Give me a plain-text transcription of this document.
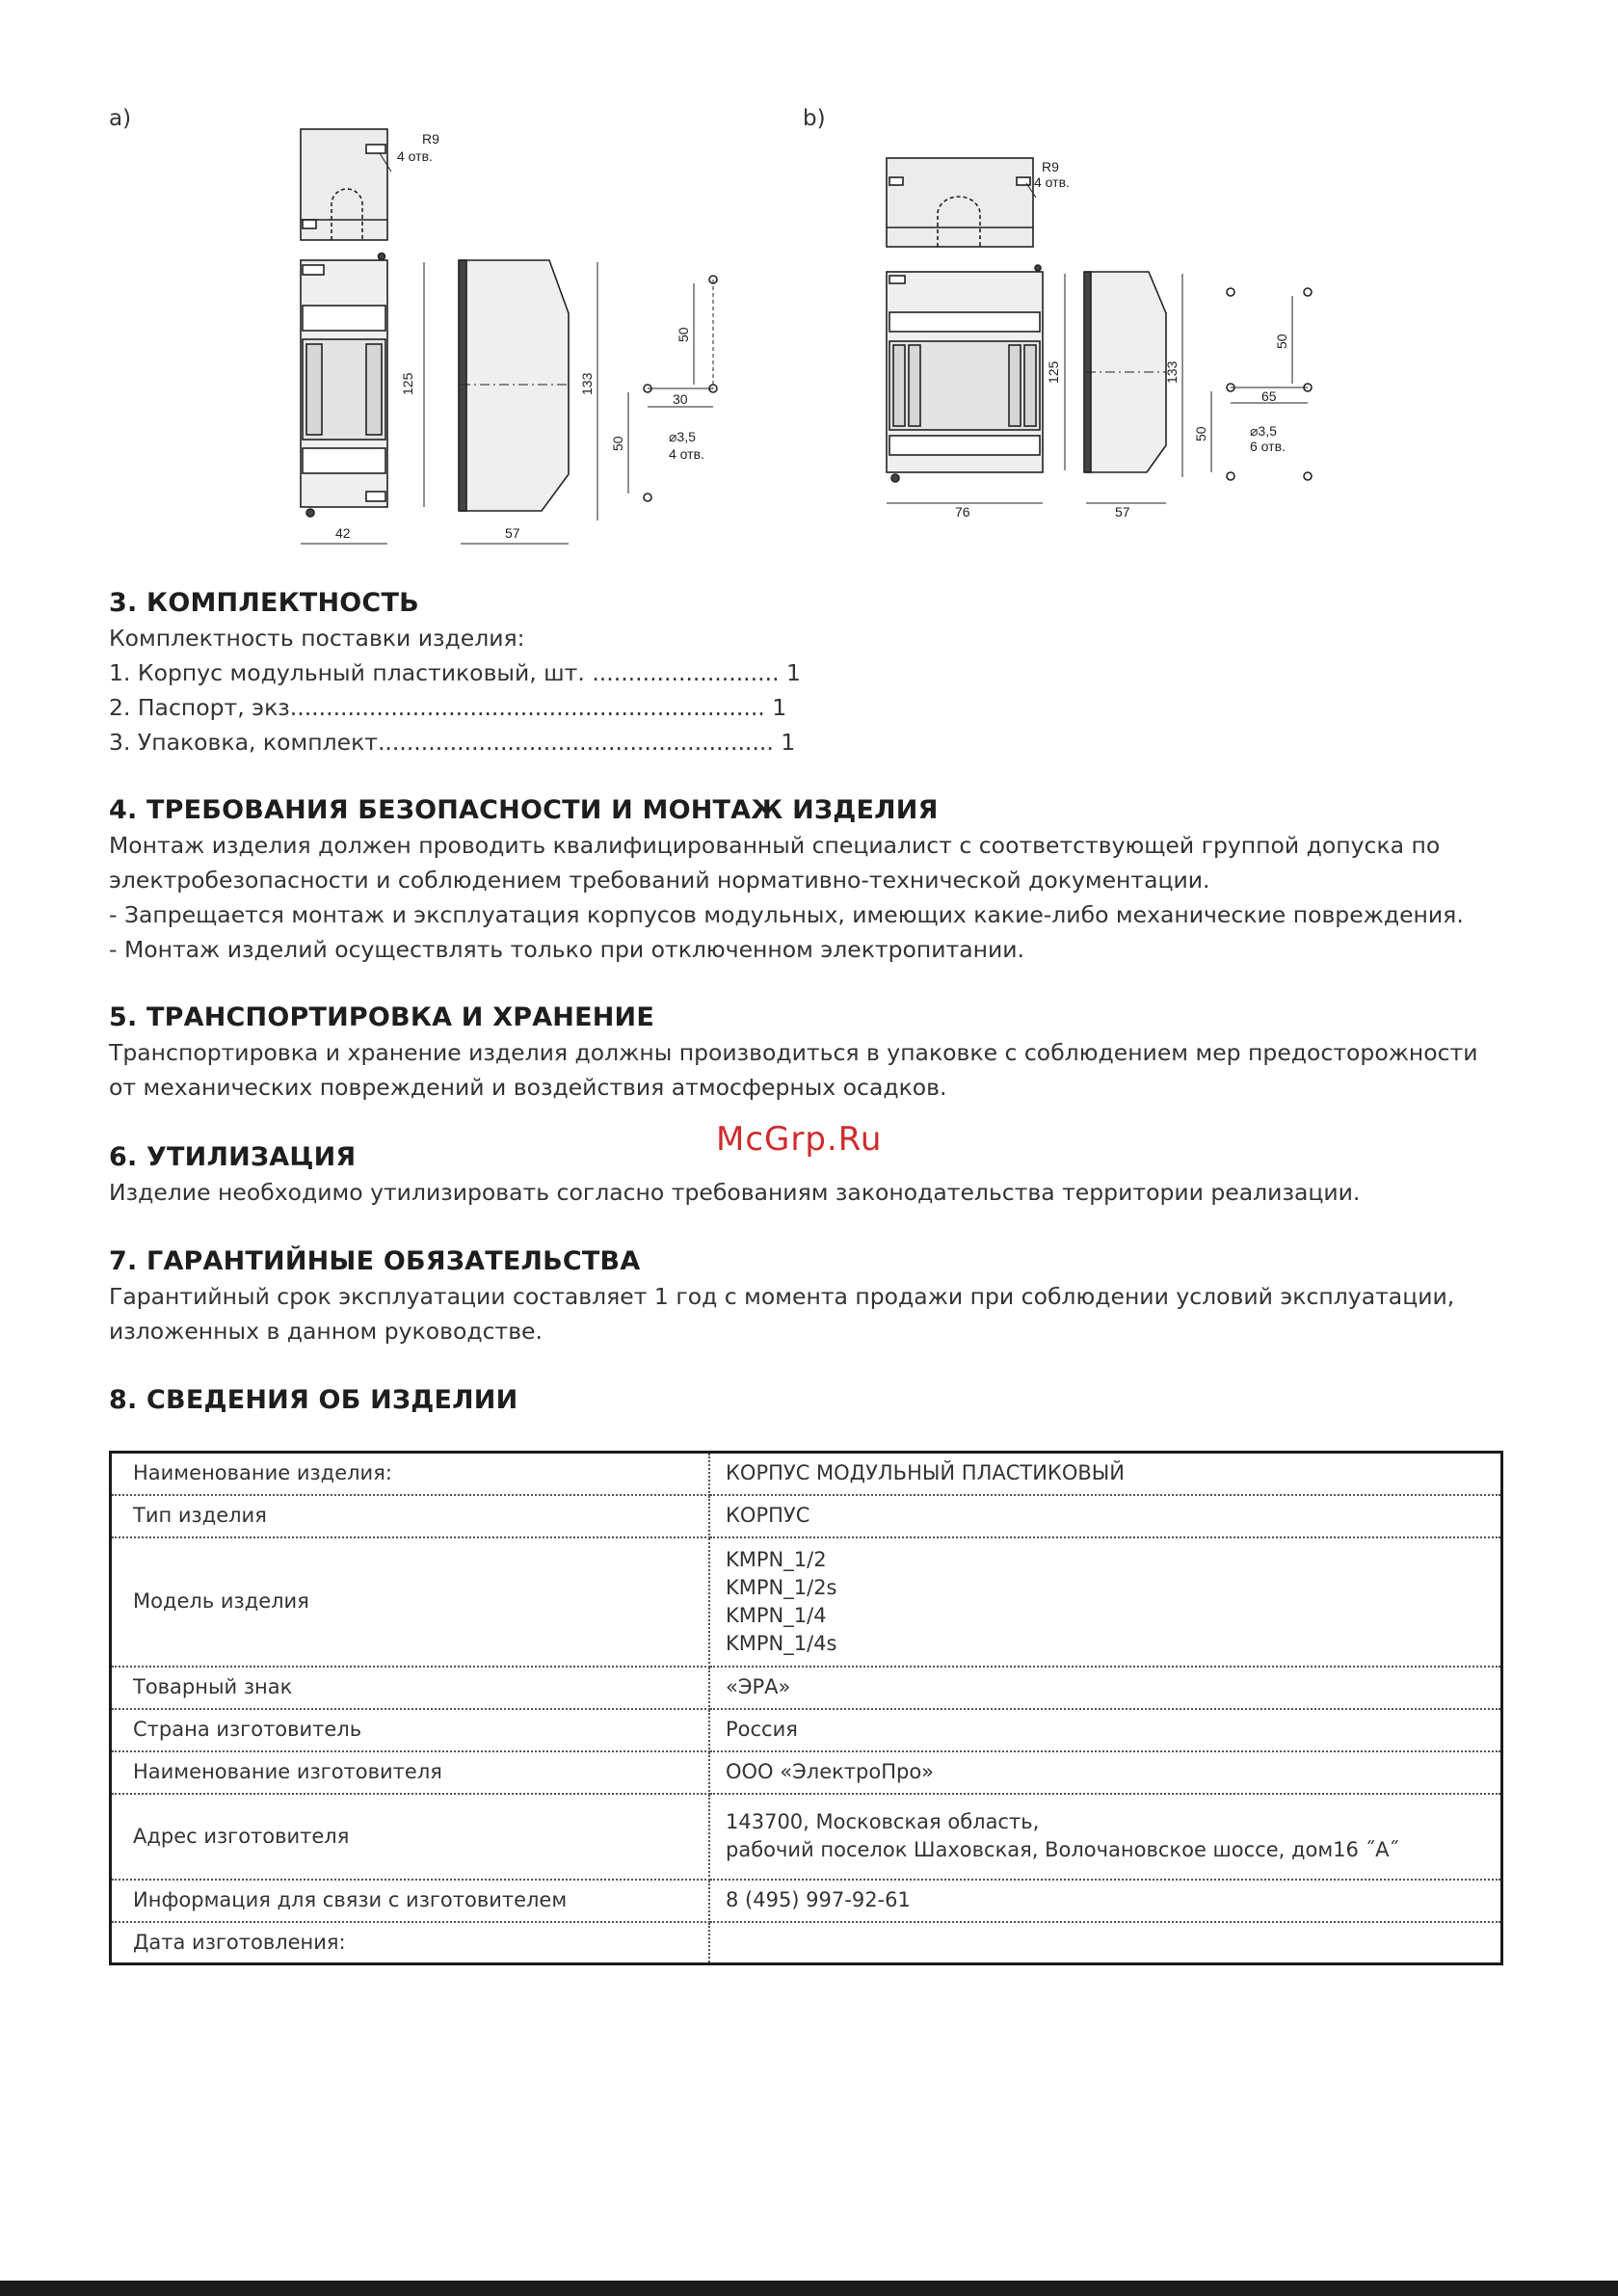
a)	b)
R9
4 отв.
125	133
42	57
50
30
50	⌀3,5
4 отв.
R9
4 отв.
125	133
76	57
50
65
50	⌀3,5
6 отв.
3. КОМПЛЕКТНОСТЬ
Комплектность поставки изделия:
1. Корпус модульный пластиковый, шт. .......................... 1
2. Паспорт, экз.................................................................. 1
3. Упаковка, комплект....................................................... 1
4. ТРЕБОВАНИЯ БЕЗОПАСНОСТИ И МОНТАЖ ИЗДЕЛИЯ
Монтаж изделия должен проводить квалифицированный специалист с соответствующей группой допуска по
электробезопасности и соблюдением требований нормативно-технической документации.
- Запрещается монтаж и эксплуатация корпусов модульных, имеющих какие-либо механические повреждения.
- Монтаж изделий осуществлять только при отключенном электропитании.
5. ТРАНСПОРТИРОВКА И ХРАНЕНИЕ
Транспортировка и хранение изделия должны производиться в упаковке с соблюдением мер предосторожности
от механических повреждений и воздействия атмосферных осадков.
McGrp.Ru
6. УТИЛИЗАЦИЯ
Изделие необходимо утилизировать согласно требованиям законодательства территории реализации.
7. ГАРАНТИЙНЫЕ ОБЯЗАТЕЛЬСТВА
Гарантийный срок эксплуатации составляет 1 год с момента продажи при соблюдении условий эксплуатации,
изложенных в данном руководстве.
8. СВЕДЕНИЯ ОБ ИЗДЕЛИИ
Наименование изделия:	КОРПУС МОДУЛЬНЫЙ ПЛАСТИКОВЫЙ

Тип изделия	КОРПУС

Модель изделия	KMPN_1/2
KMPN_1/2s
KMPN_1/4
KMPN_1/4s

Товарный знак	«ЭРА»

Страна изготовитель	Россия

Наименование изготовителя	ООО «ЭлектроПро»

Адрес изготовителя	143700, Московская область,
рабочий поселок Шаховская, Волочановское шоссе, дом16 ˝А˝

Информация для связи с изготовителем	8 (495) 997-92-61

Дата изготовления:	
